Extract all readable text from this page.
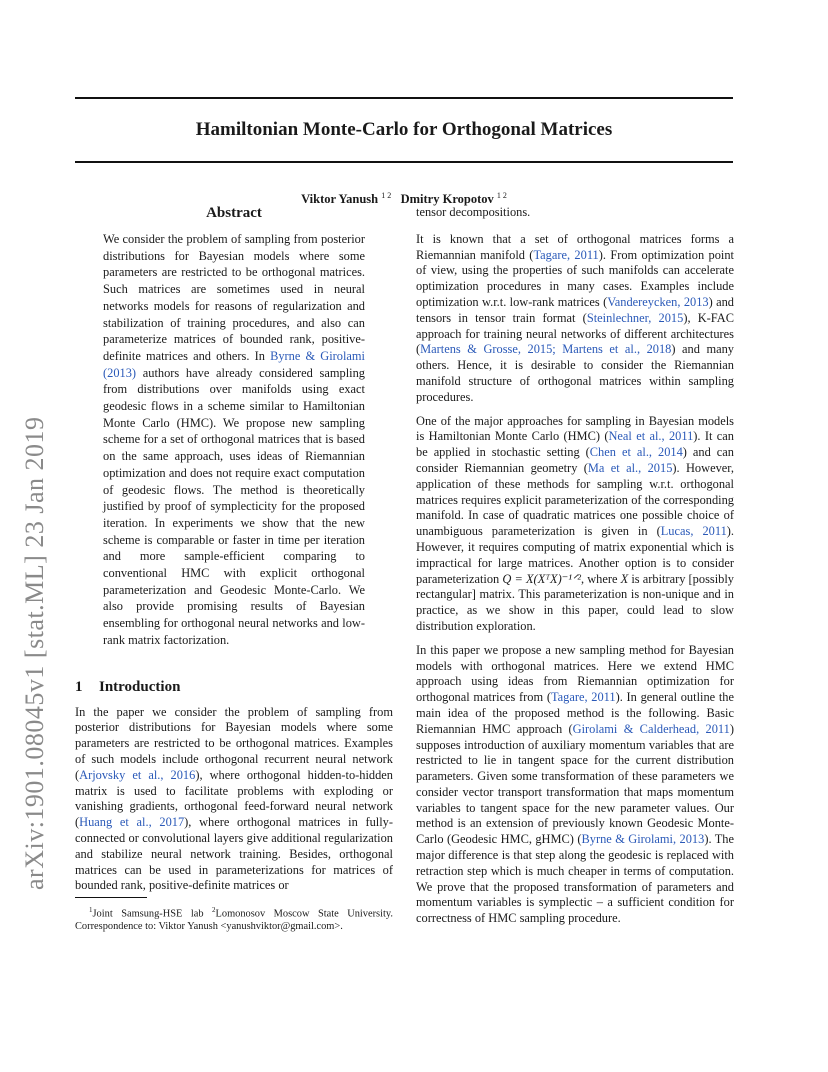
Hamiltonian Monte-Carlo for Orthogonal Matrices
Viktor Yanush $^{1 2}$ Dmitry Kropotov $^{1 2}$
arXiv:1901.08045v1 [stat.ML] 23 Jan 2019
Abstract

We consider the problem of sampling from posterior distributions for Bayesian models where some parameters are restricted to be orthogonal matrices. Such matrices are sometimes used in neural networks models for reasons of regularization and stabilization of training procedures, and also can parameterize matrices of bounded rank, positive-definite matrices and others. In Byrne & Girolami (2013) authors have already considered sampling from distributions over manifolds using exact geodesic flows in a scheme similar to Hamiltonian Monte Carlo (HMC). We propose new sampling scheme for a set of orthogonal matrices that is based on the same approach, uses ideas of Riemannian optimization and does not require exact computation of geodesic flows. The method is theoretically justified by proof of symplecticity for the proposed iteration. In experiments we show that the new scheme is comparable or faster in time per iteration and more sample-efficient comparing to conventional HMC with explicit orthogonal parameterization and Geodesic Monte-Carlo. We also provide promising results of Bayesian ensembling for orthogonal neural networks and low-rank matrix factorization.

1 Introduction

In the paper we consider the problem of sampling from posterior distributions for Bayesian models where some parameters are restricted to be orthogonal matrices. Examples of such models include orthogonal recurrent neural network (Arjovsky et al., 2016), where orthogonal hidden-to-hidden matrix is used to facilitate problems with exploding or vanishing gradients, orthogonal feed-forward neural network (Huang et al., 2017), where orthogonal matrices in fully-connected or convolutional layers give additional regularization and stabilize neural network training. Besides, orthogonal matrices can be used in parameterizations for matrices of bounded rank, positive-definite matrices or

$^1$Joint Samsung-HSE lab $^2$Lomonosov Moscow State University. Correspondence to: Viktor Yanush <yanushviktor@gmail.com>.

tensor decompositions.

It is known that a set of orthogonal matrices forms a Riemannian manifold (Tagare, 2011). From optimization point of view, using the properties of such manifolds can accelerate optimization procedures in many cases. Examples include optimization w.r.t. low-rank matrices (Vandereycken, 2013) and tensors in tensor train format (Steinlechner, 2015), K-FAC approach for training neural networks of different architectures (Martens & Grosse, 2015; Martens et al., 2018) and many others. Hence, it is desirable to consider the Riemannian manifold structure of orthogonal matrices within sampling procedures.

One of the major approaches for sampling in Bayesian models is Hamiltonian Monte Carlo (HMC) (Neal et al., 2011). It can be applied in stochastic setting (Chen et al., 2014) and can consider Riemannian geometry (Ma et al., 2015). However, application of these methods for sampling w.r.t. orthogonal matrices requires explicit parameterization of the corresponding manifold. In case of quadratic matrices one possible choice of unambiguous parameterization is given in (Lucas, 2011). However, it requires computing of matrix exponential which is impractical for large matrices. Another option is to consider parameterization Q = X(XᵀX)⁻¹ᐟ², where X is arbitrary [possibly rectangular] matrix. This parameterization is non-unique and in practice, as we show in this paper, could lead to slow distribution exploration.

In this paper we propose a new sampling method for Bayesian models with orthogonal matrices. Here we extend HMC approach using ideas from Riemannian optimization for orthogonal matrices from (Tagare, 2011). In general outline the main idea of the proposed method is the following. Basic Riemannian HMC approach (Girolami & Calderhead, 2011) supposes introduction of auxiliary momentum variables that are restricted to lie in tangent space for the current distribution parameters. Given some transformation of these parameters we consider vector transport transformation that maps momentum variables to tangent space for the new parameter values. Our method is an extension of previously known Geodesic Monte-Carlo (Geodesic HMC, gHMC) (Byrne & Girolami, 2013). The major difference is that step along the geodesic is replaced with retraction step which is much cheaper in terms of computation. We prove that the proposed transformation of parameters and momentum variables is symplectic – a sufficient condition for correctness of HMC sampling procedure.
